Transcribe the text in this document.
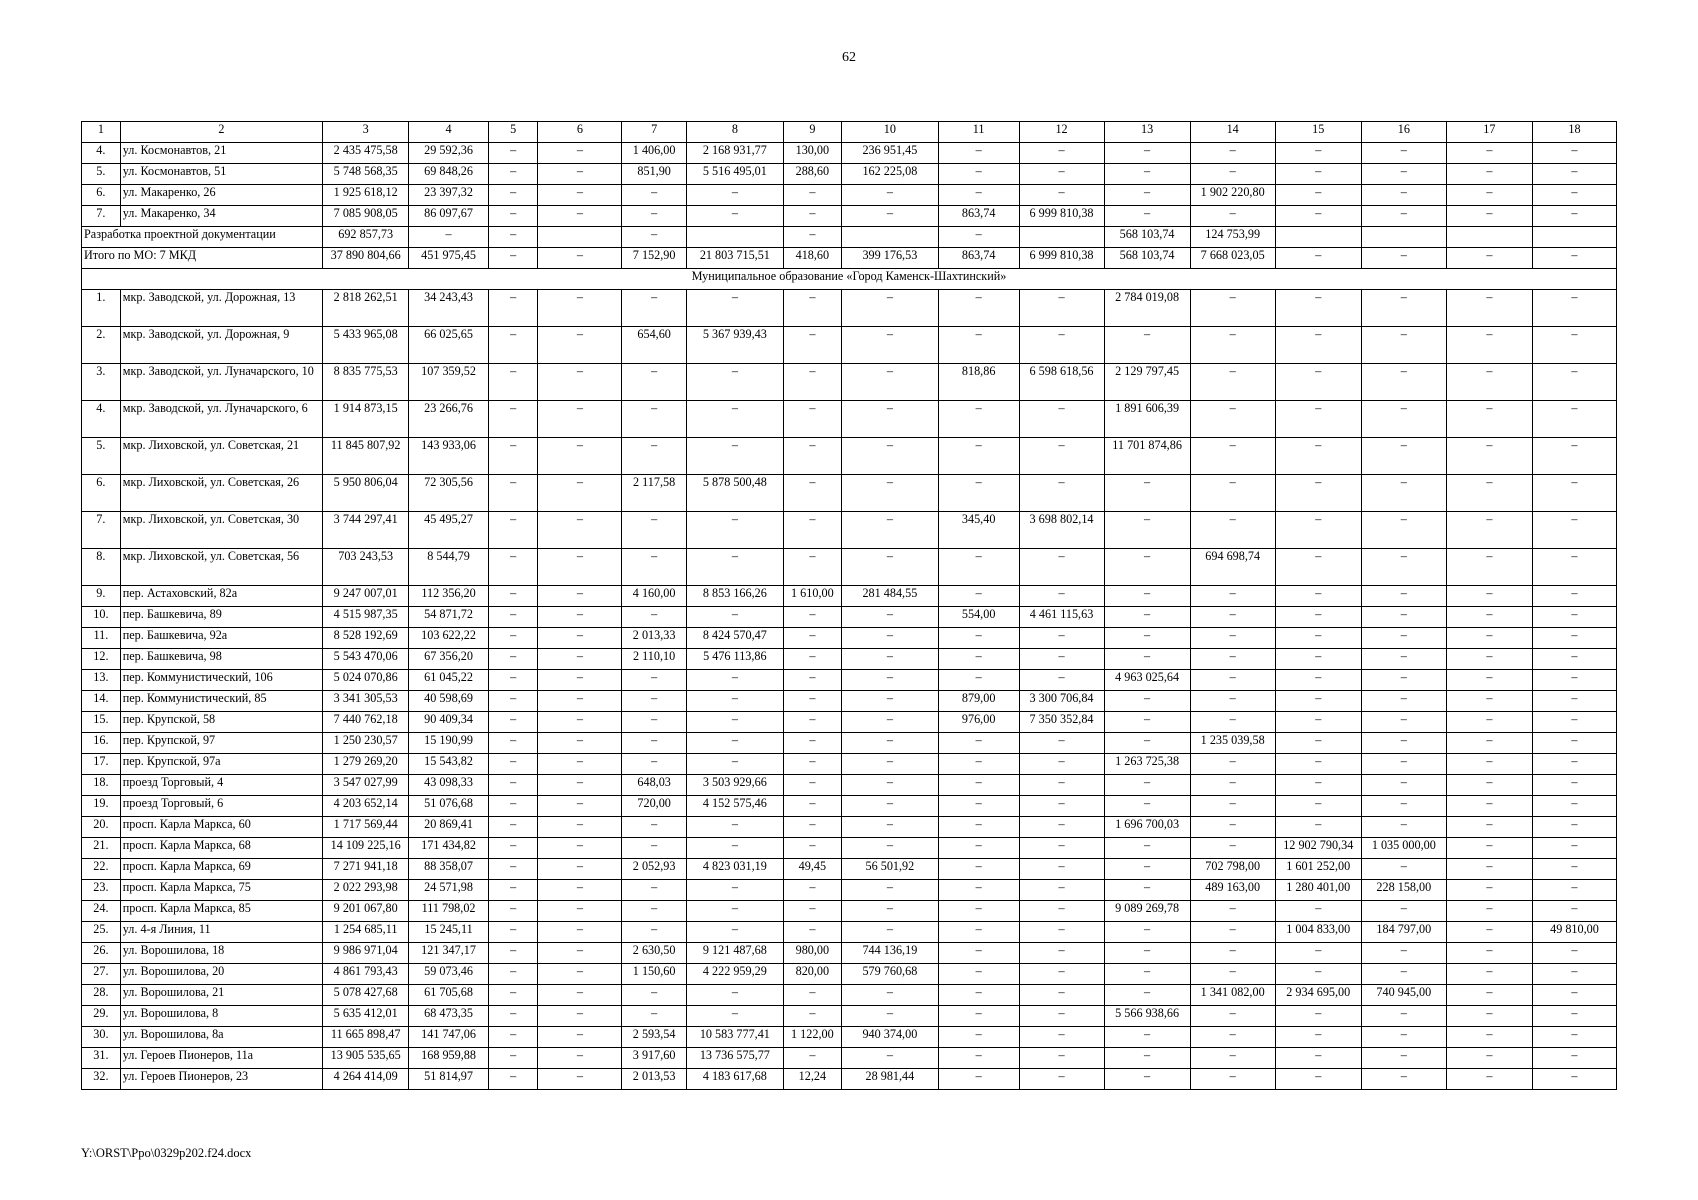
62
1	2	3	4	5	6	7	8	9	10	11	12	13	14	15	16	17	18
4.	ул. Космонавтов, 21	2 435 475,58	29 592,36	–	–	1 406,00	2 168 931,77	130,00	236 951,45	–	–	–	–	–	–	–	–
5.	ул. Космонавтов, 51	5 748 568,35	69 848,26	–	–	851,90	5 516 495,01	288,60	162 225,08	–	–	–	–	–	–	–	–
6.	ул. Макаренко, 26	1 925 618,12	23 397,32	–	–	–	–	–	–	–	–	–	1 902 220,80	–	–	–	–
7.	ул. Макаренко, 34	7 085 908,05	86 097,67	–	–	–	–	–	–	863,74	6 999 810,38	–	–	–	–	–	–
Разработка проектной документации		692 857,73	–	–		–		–		–		568 103,74	124 753,99				
Итого по МО: 7 МКД		37 890 804,66	451 975,45	–	–	7 152,90	21 803 715,51	418,60	399 176,53	863,74	6 999 810,38	568 103,74	7 668 023,05	–	–	–	–
Муниципальное образование «Город Каменск-Шахтинский»																	
1.	мкр. Заводской, ул. Дорожная, 13	2 818 262,51	34 243,43	–	–	–	–	–	–	–	–	2 784 019,08	–	–	–	–	–
2.	мкр. Заводской, ул. Дорожная, 9	5 433 965,08	66 025,65	–	–	654,60	5 367 939,43	–	–	–	–	–	–	–	–	–	–
3.	мкр. Заводской, ул. Луначарского, 10	8 835 775,53	107 359,52	–	–	–	–	–	–	818,86	6 598 618,56	2 129 797,45	–	–	–	–	–
4.	мкр. Заводской, ул. Луначарского, 6	1 914 873,15	23 266,76	–	–	–	–	–	–	–	–	1 891 606,39	–	–	–	–	–
5.	мкр. Лиховской, ул. Советская, 21	11 845 807,92	143 933,06	–	–	–	–	–	–	–	–	11 701 874,86	–	–	–	–	–
6.	мкр. Лиховской, ул. Советская, 26	5 950 806,04	72 305,56	–	–	2 117,58	5 878 500,48	–	–	–	–	–	–	–	–	–	–
7.	мкр. Лиховской, ул. Советская, 30	3 744 297,41	45 495,27	–	–	–	–	–	–	345,40	3 698 802,14	–	–	–	–	–	–
8.	мкр. Лиховской, ул. Советская, 56	703 243,53	8 544,79	–	–	–	–	–	–	–	–	–	694 698,74	–	–	–	–
9.	пер. Астаховский, 82а	9 247 007,01	112 356,20	–	–	4 160,00	8 853 166,26	1 610,00	281 484,55	–	–	–	–	–	–	–	–
10.	пер. Башкевича, 89	4 515 987,35	54 871,72	–	–	–	–	–	–	554,00	4 461 115,63	–	–	–	–	–	–
11.	пер. Башкевича, 92а	8 528 192,69	103 622,22	–	–	2 013,33	8 424 570,47	–	–	–	–	–	–	–	–	–	–
12.	пер. Башкевича, 98	5 543 470,06	67 356,20	–	–	2 110,10	5 476 113,86	–	–	–	–	–	–	–	–	–	–
13.	пер. Коммунистический, 106	5 024 070,86	61 045,22	–	–	–	–	–	–	–	–	4 963 025,64	–	–	–	–	–
14.	пер. Коммунистический, 85	3 341 305,53	40 598,69	–	–	–	–	–	–	879,00	3 300 706,84	–	–	–	–	–	–
15.	пер. Крупской, 58	7 440 762,18	90 409,34	–	–	–	–	–	–	976,00	7 350 352,84	–	–	–	–	–	–
16.	пер. Крупской, 97	1 250 230,57	15 190,99	–	–	–	–	–	–	–	–	–	1 235 039,58	–	–	–	–
17.	пер. Крупской, 97а	1 279 269,20	15 543,82	–	–	–	–	–	–	–	–	1 263 725,38	–	–	–	–	–
18.	проезд Торговый, 4	3 547 027,99	43 098,33	–	–	648,03	3 503 929,66	–	–	–	–	–	–	–	–	–	–
19.	проезд Торговый, 6	4 203 652,14	51 076,68	–	–	720,00	4 152 575,46	–	–	–	–	–	–	–	–	–	–
20.	просп. Карла Маркса, 60	1 717 569,44	20 869,41	–	–	–	–	–	–	–	–	1 696 700,03	–	–	–	–	–
21.	просп. Карла Маркса, 68	14 109 225,16	171 434,82	–	–	–	–	–	–	–	–	–	–	12 902 790,34	1 035 000,00	–	–
22.	просп. Карла Маркса, 69	7 271 941,18	88 358,07	–	–	2 052,93	4 823 031,19	49,45	56 501,92	–	–	–	702 798,00	1 601 252,00	–	–	–
23.	просп. Карла Маркса, 75	2 022 293,98	24 571,98	–	–	–	–	–	–	–	–	–	489 163,00	1 280 401,00	228 158,00	–	–
24.	просп. Карла Маркса, 85	9 201 067,80	111 798,02	–	–	–	–	–	–	–	–	9 089 269,78	–	–	–	–	–
25.	ул. 4-я Линия, 11	1 254 685,11	15 245,11	–	–	–	–	–	–	–	–	–	–	1 004 833,00	184 797,00	–	49 810,00
26.	ул. Ворошилова, 18	9 986 971,04	121 347,17	–	–	2 630,50	9 121 487,68	980,00	744 136,19	–	–	–	–	–	–	–	–
27.	ул. Ворошилова, 20	4 861 793,43	59 073,46	–	–	1 150,60	4 222 959,29	820,00	579 760,68	–	–	–	–	–	–	–	–
28.	ул. Ворошилова, 21	5 078 427,68	61 705,68	–	–	–	–	–	–	–	–	–	1 341 082,00	2 934 695,00	740 945,00	–	–
29.	ул. Ворошилова, 8	5 635 412,01	68 473,35	–	–	–	–	–	–	–	–	5 566 938,66	–	–	–	–	–
30.	ул. Ворошилова, 8а	11 665 898,47	141 747,06	–	–	2 593,54	10 583 777,41	1 122,00	940 374,00	–	–	–	–	–	–	–	–
31.	ул. Героев Пионеров, 11а	13 905 535,65	168 959,88	–	–	3 917,60	13 736 575,77	–	–	–	–	–	–	–	–	–	–
32.	ул. Героев Пионеров, 23	4 264 414,09	51 814,97	–	–	2 013,53	4 183 617,68	12,24	28 981,44	–	–	–	–	–	–	–	–
Y:\ORST\Ppo\0329p202.f24.docx
